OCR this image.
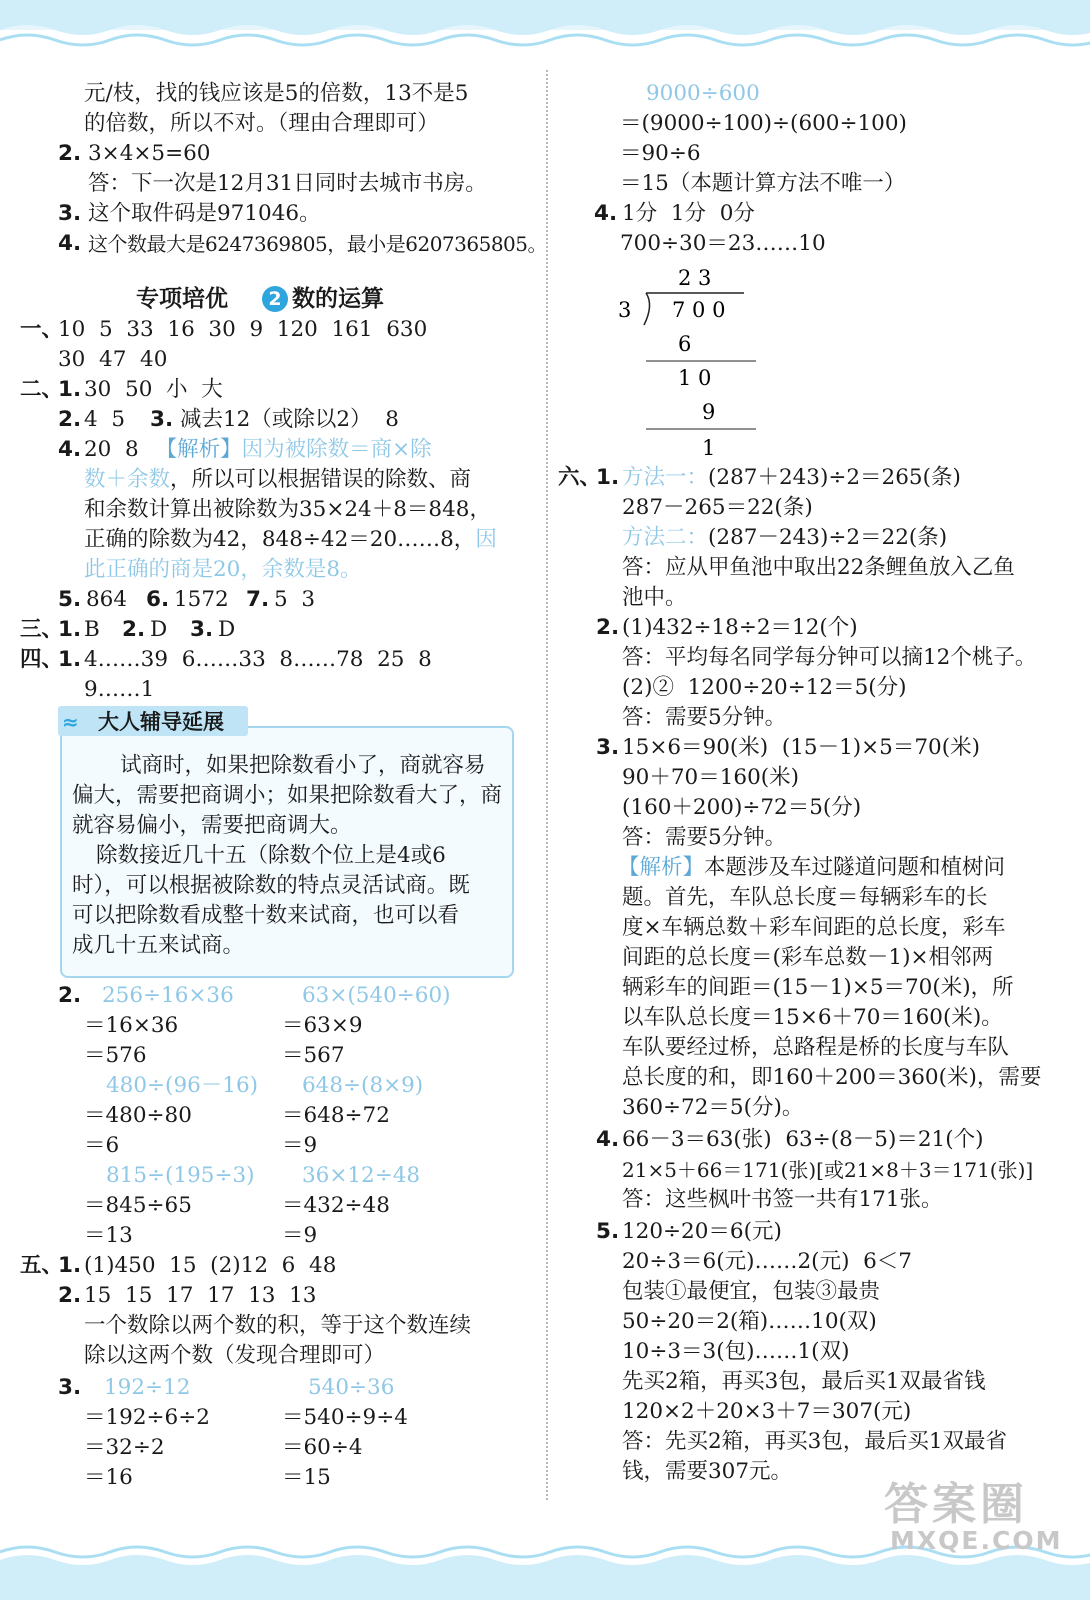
元/枝，找的钱应该是5的倍数，13不是5
的倍数，所以不对。（理由合理即可）
2. 3×4×5=60
答：下一次是12月31日同时去城市书房。
3. 这个取件码是971046。
4. 这个数最大是6247369805，最小是6207365805。
专项培优 2 数的运算
一、
10  5  33  16  30  9  120  161  630
30  47  40
二、
1. 30  50  小  大
2. 4  5 3. 减去12（或除以2）  8
4. 20  8 【解析】因为被除数＝商×除
数＋余数，所以可以根据错误的除数、商
和余数计算出被除数为35×24＋8＝848，
正确的除数为42，848÷42＝20……8，因
此正确的商是20，余数是8。
5. 864 6. 1572 7. 5  3
三、
1. B 2. D 3. D
四、
1. 4……39  6……33  8……78  25  8
9……1
≈ 大人辅导延展
试商时，如果把除数看小了，商就容易
偏大，需要把商调小；如果把除数看大了，商
就容易偏小，需要把商调大。
除数接近几十五（除数个位上是4或6
时），可以根据被除数的特点灵活试商。既
可以把除数看成整十数来试商，也可以看
成几十五来试商。
2. 256÷16×36
＝16×36
＝576
63×(540÷60)
＝63×9
＝567
480÷(96－16)
＝480÷80
＝6
648÷(8×9)
＝648÷72
＝9
815÷(195÷3)
＝845÷65
＝13
36×12÷48
＝432÷48
＝9
五、
1. (1)450  15  (2)12  6  48
2. 15  15  17  17  13  13
一个数除以两个数的积，等于这个数连续
除以这两个数（发现合理即可）
3. 192÷12
＝192÷6÷2
＝32÷2
＝16
540÷36
＝540÷9÷4
＝60÷4
＝15
9000÷600
＝(9000÷100)÷(600÷100)
＝90÷6
＝15（本题计算方法不唯一）
4. 1分  1分  0分
700÷30＝23……10
2 3
3 7 0 0
6
1 0
9
1
六、
1. 方法一：(287＋243)÷2＝265(条)
287－265＝22(条)
方法二：(287－243)÷2＝22(条)
答：应从甲鱼池中取出22条鲤鱼放入乙鱼
池中。
2. (1)432÷18÷2＝12(个)
答：平均每名同学每分钟可以摘12个桃子。
(2)②  1200÷20÷12＝5(分)
答：需要5分钟。
3. 15×6＝90(米)  (15－1)×5＝70(米)
90＋70＝160(米)
(160＋200)÷72＝5(分)
答：需要5分钟。
【解析】本题涉及车过隧道问题和植树问
题。首先，车队总长度＝每辆彩车的长
度×车辆总数＋彩车间距的总长度，彩车
间距的总长度＝(彩车总数－1)×相邻两
辆彩车的间距＝(15－1)×5＝70(米)，所
以车队总长度＝15×6＋70＝160(米)。
车队要经过桥，总路程是桥的长度与车队
总长度的和，即160＋200＝360(米)，需要
360÷72＝5(分)。
4. 66－3＝63(张)  63÷(8－5)＝21(个)
21×5＋66＝171(张)[或21×8＋3＝171(张)]
答：这些枫叶书签一共有171张。
5. 120÷20＝6(元)
20÷3＝6(元)……2(元)  6＜7
包装①最便宜，包装③最贵
50÷20＝2(箱)……10(双)
10÷3＝3(包)……1(双)
先买2箱，再买3包，最后买1双最省钱
120×2＋20×3＋7＝307(元)
答：先买2箱，再买3包，最后买1双最省
钱，需要307元。
答案圈
MXQE.COM
